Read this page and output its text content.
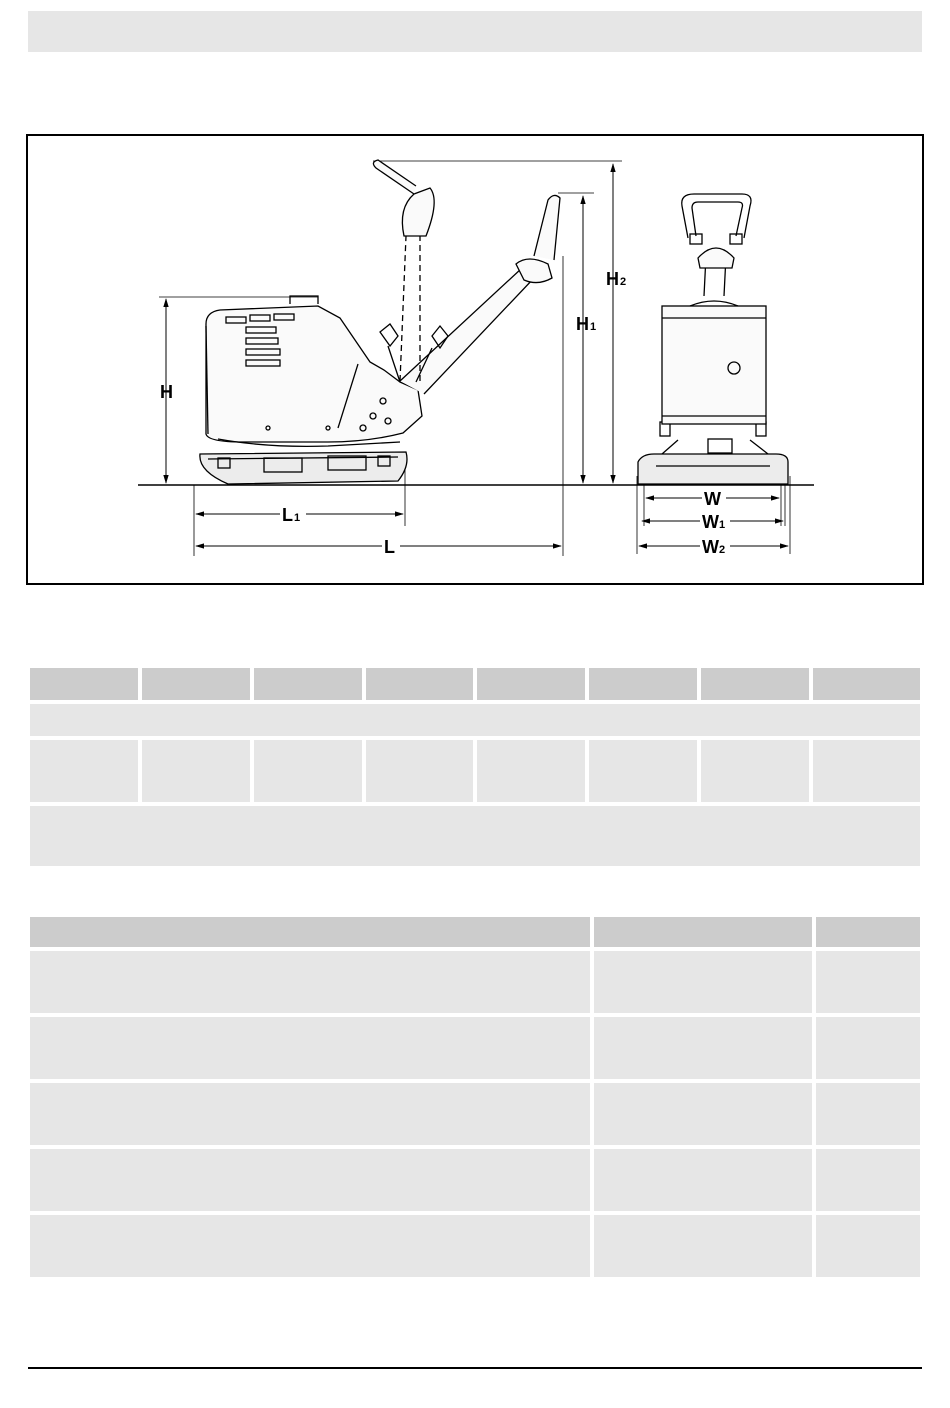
H
H 1
H 2
L 1
L
W
W 1
W 2
